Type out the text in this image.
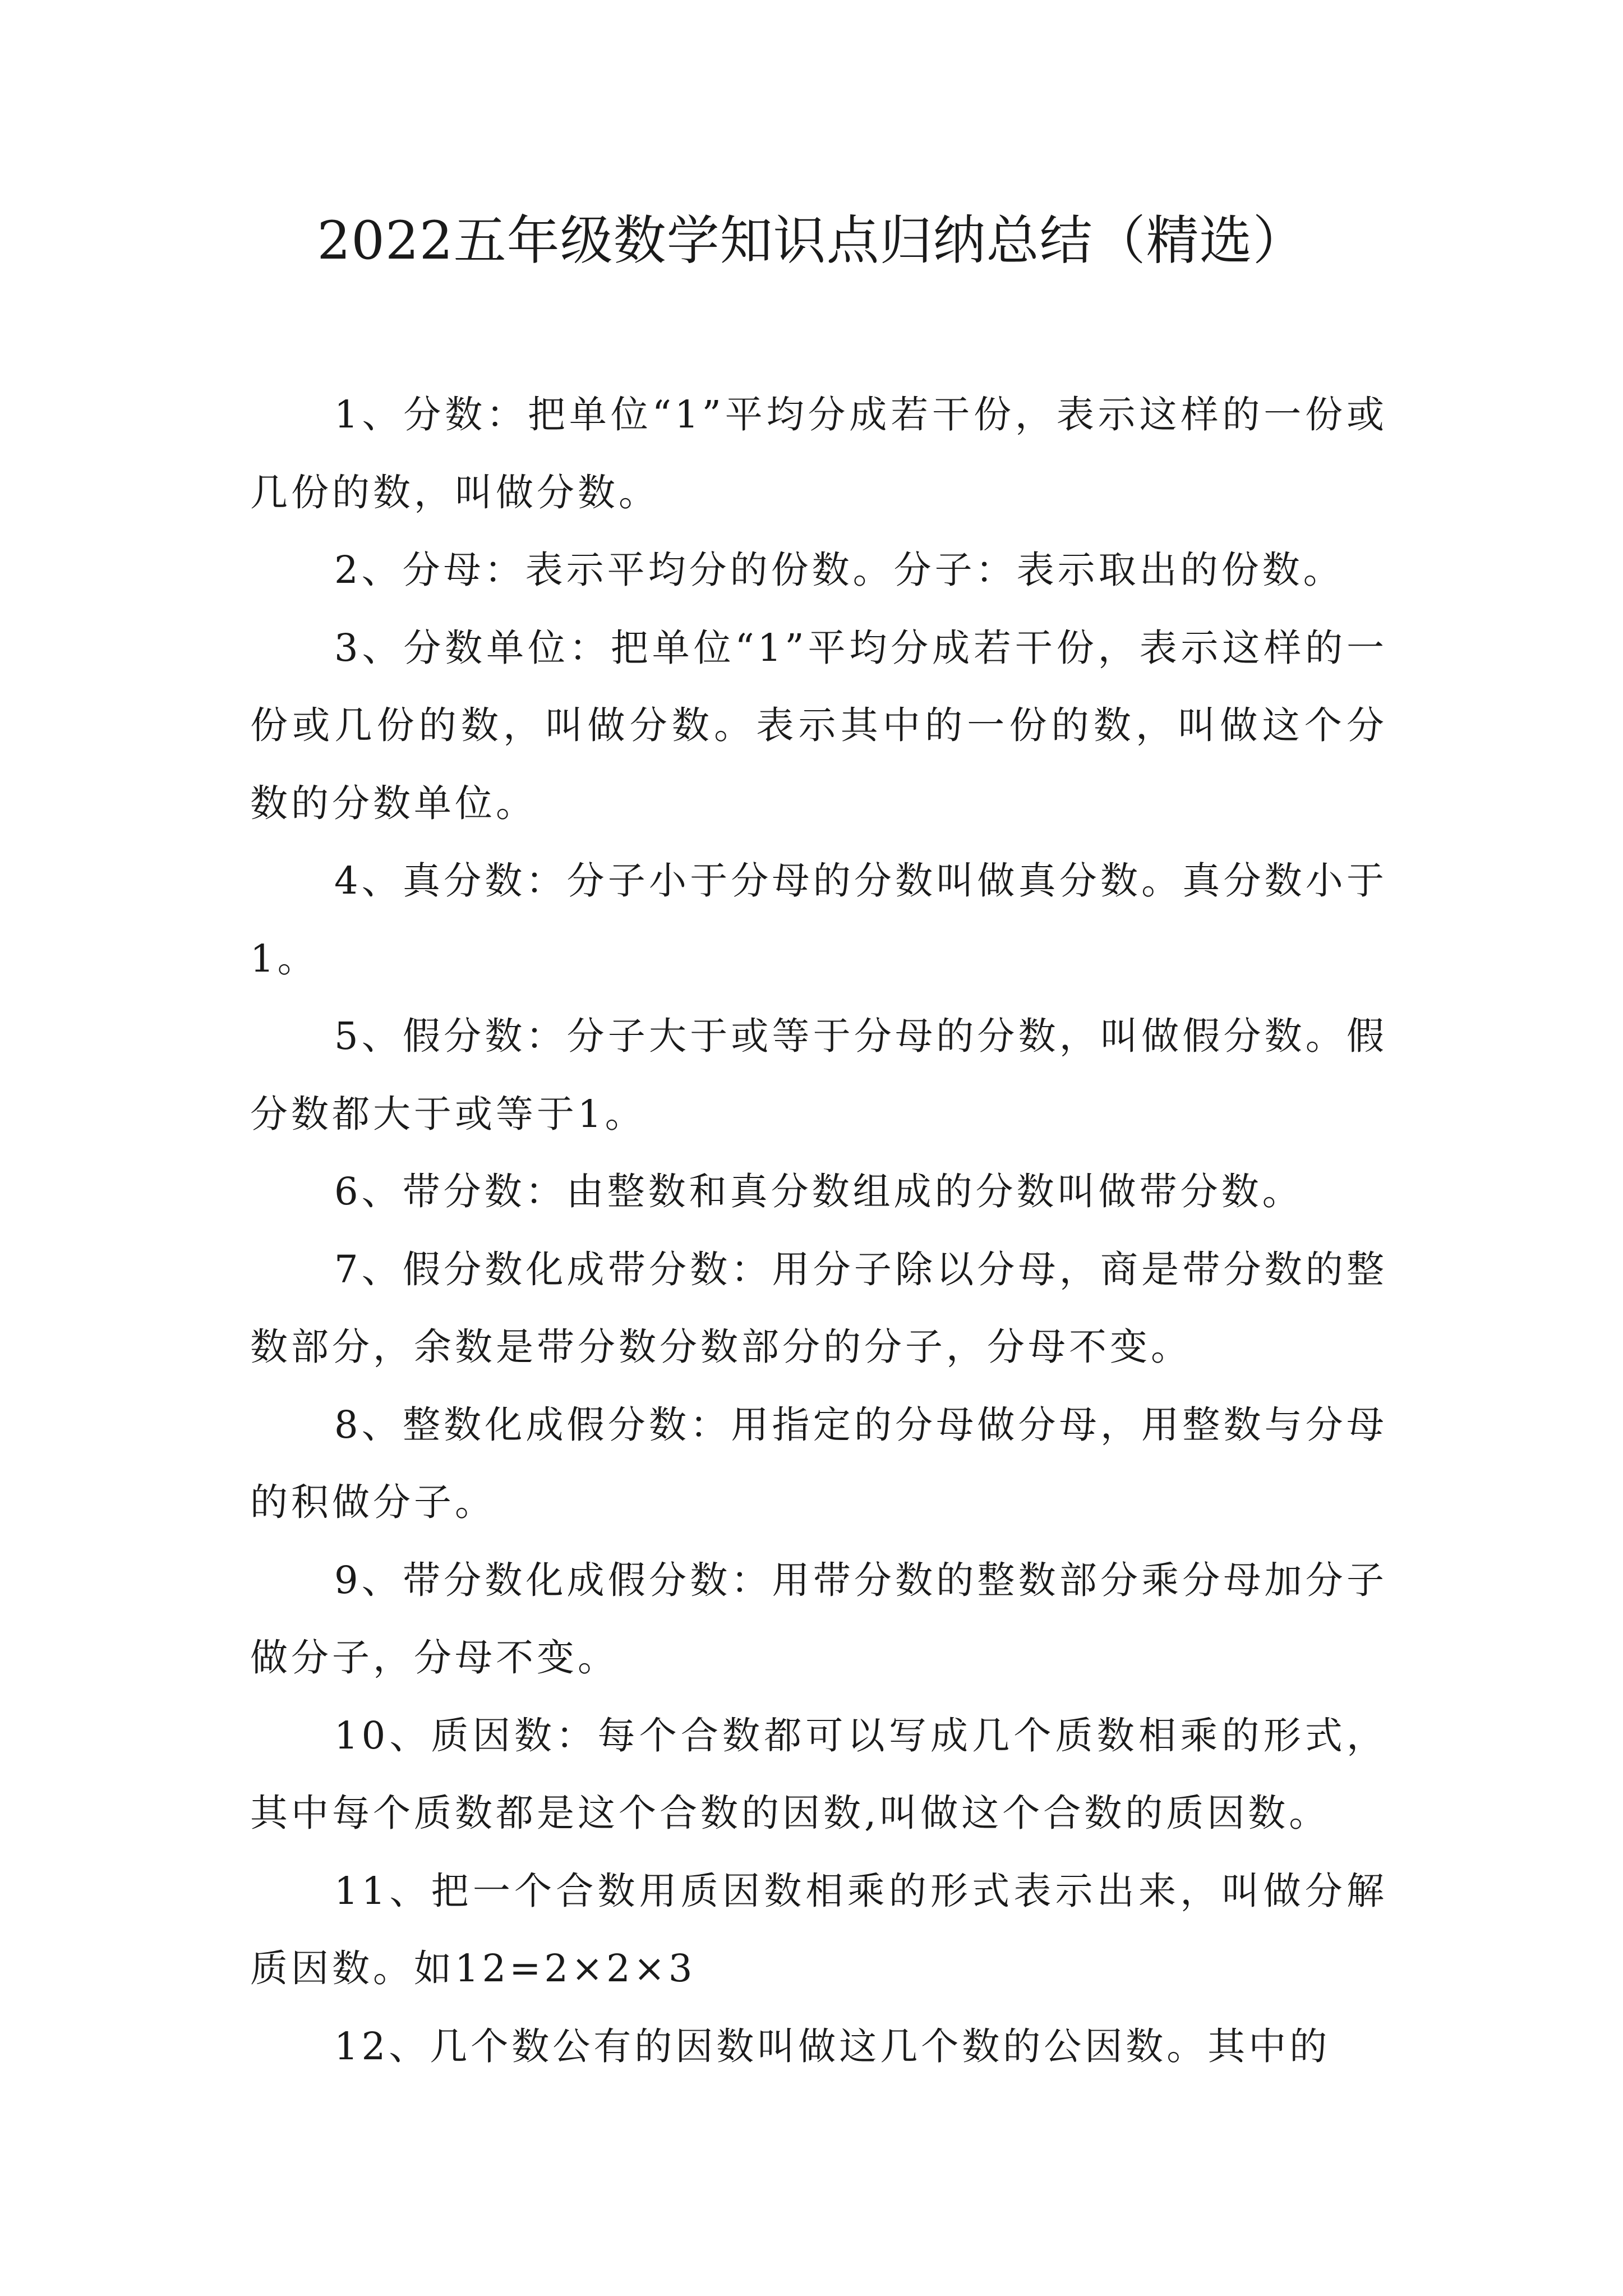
2022五年级数学知识点归纳总结（精选）

1、分数：把单位“1”平均分成若干份，表示这样的一份或几份的数，叫做分数。

2、分母：表示平均分的份数。分子：表示取出的份数。

3、分数单位：把单位“1”平均分成若干份，表示这样的一份或几份的数，叫做分数。表示其中的一份的数，叫做这个分数的分数单位。

4、真分数：分子小于分母的分数叫做真分数。真分数小于1。

5、假分数：分子大于或等于分母的分数，叫做假分数。假分数都大于或等于1。

6、带分数：由整数和真分数组成的分数叫做带分数。

7、假分数化成带分数：用分子除以分母，商是带分数的整数部分，余数是带分数分数部分的分子，分母不变。

8、整数化成假分数：用指定的分母做分母，用整数与分母的积做分子。

9、带分数化成假分数：用带分数的整数部分乘分母加分子做分子，分母不变。

10、质因数：每个合数都可以写成几个质数相乘的形式，其中每个质数都是这个合数的因数,叫做这个合数的质因数。

11、把一个合数用质因数相乘的形式表示出来，叫做分解质因数。如12=2×2×3

12、几个数公有的因数叫做这几个数的公因数。其中的
